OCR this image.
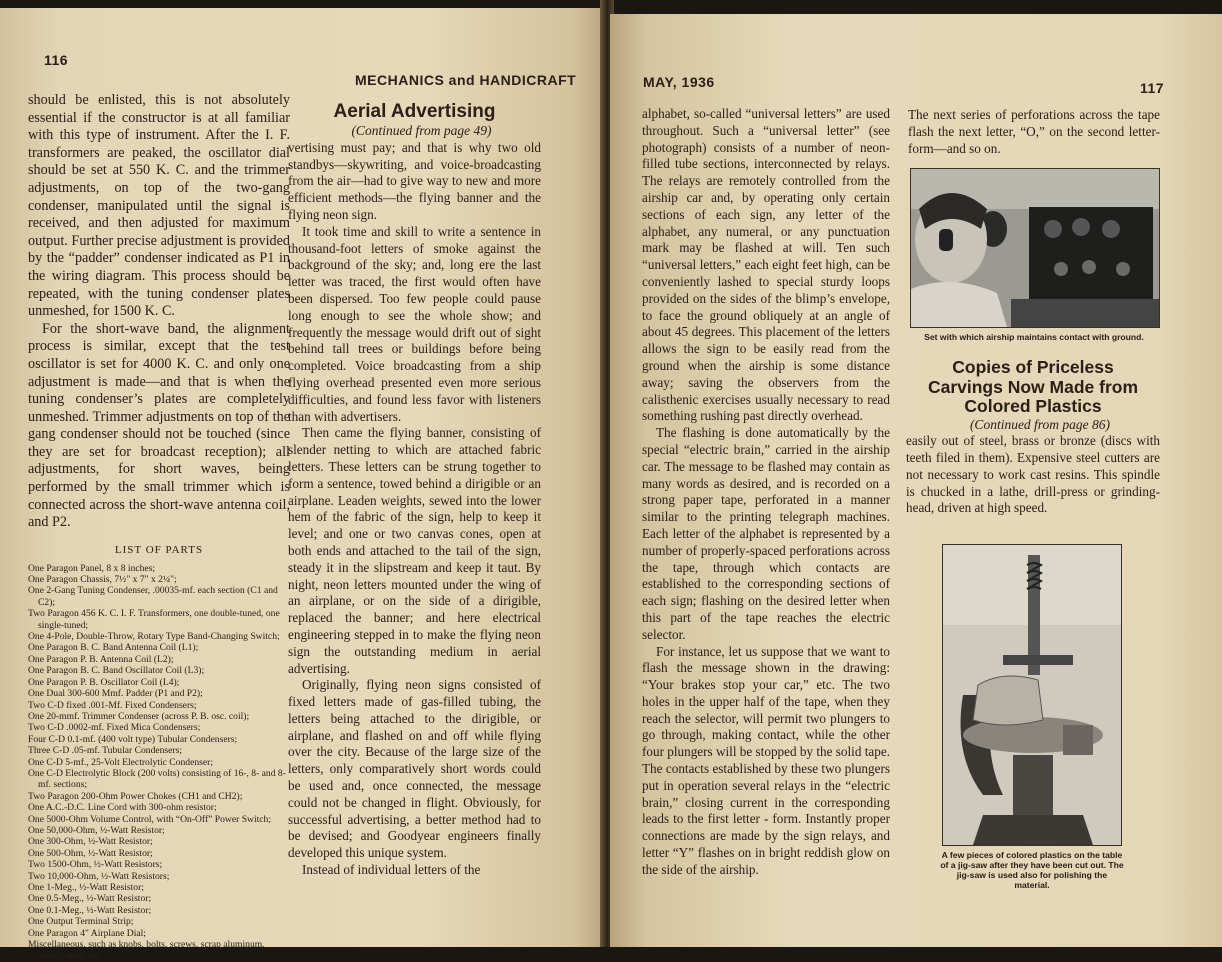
116
MECHANICS and HANDICRAFT

should be enlisted, this is not absolutely essential if the constructor is at all familiar with this type of instrument. After the I. F. transformers are peaked, the oscillator dial should be set at 550 K. C. and the trimmer adjustments, on top of the two-gang condenser, manipulated until the signal is received, and then adjusted for maximum output. Further precise adjustment is provided by the “padder” condenser indicated as P1 in the wiring diagram. This process should be repeated, with the tuning condenser plates unmeshed, for 1500 K. C.

For the short-wave band, the alignment process is similar, except that the test oscillator is set for 4000 K. C. and only one adjustment is made—and that is when the tuning condenser’s plates are completely unmeshed. Trimmer adjustments on top of the gang condenser should not be touched (since they are set for broadcast reception); all adjustments, for short waves, being performed by the small trimmer which is connected across the short-wave antenna coil, and P2.

LIST OF PARTS

One Paragon Panel, 8 x 8 inches;
One Paragon Chassis, 7½" x 7" x 2¼";
One 2-Gang Tuning Condenser, .00035-mf. each section (C1 and C2);
Two Paragon 456 K. C. I. F. Transformers, one double-tuned, one single-tuned;
One 4-Pole, Double-Throw, Rotary Type Band-Changing Switch;
One Paragon B. C. Band Antenna Coil (L1);
One Paragon P. B. Antenna Coil (L2);
One Paragon B. C. Band Oscillator Coil (L3);
One Paragon P. B. Oscillator Coil (L4);
One Dual 300-600 Mmf. Padder (P1 and P2);
Two C-D fixed .001-Mf. Fixed Condensers;
One 20-mmf. Trimmer Condenser (across P. B. osc. coil);
Two C-D .0002-mf. Fixed Mica Condensers;
Four C-D 0.1-mf. (400 volt type) Tubular Condensers;
Three C-D .05-mf. Tubular Condensers;
One C-D 5-mf., 25-Volt Electrolytic Condenser;
One C-D Electrolytic Block (200 volts) consisting of 16-, 8- and 8-mf. sections;
Two Paragon 200-Ohm Power Chokes (CH1 and CH2);
One A.C.-D.C. Line Cord with 300-ohm resistor;
One 5000-Ohm Volume Control, with “On-Off” Power Switch;
One 50,000-Ohm, ½-Watt Resistor;
One 300-Ohm, ½-Watt Resistor;
One 500-Ohm, ½-Watt Resistor;
Two 1500-Ohm, ½-Watt Resistors;
Two 10,000-Ohm, ½-Watt Resistors;
One 1-Meg., ½-Watt Resistor;
One 0.5-Meg., ½-Watt Resistor;
One 0.1-Meg., ½-Watt Resistor;
One Output Terminal Strip;
One Paragon 4" Airplane Dial;
Miscellaneous, such as knobs, bolts, screws, scrap aluminum, solder, ends, etc.
Aerial Advertising

(Continued from page 49)

vertising must pay; and that is why two old standbys—skywriting, and voice-broadcasting from the air—had to give way to new and more efficient methods—the flying banner and the flying neon sign.

It took time and skill to write a sentence in thousand-foot letters of smoke against the background of the sky; and, long ere the last letter was traced, the first would often have been dispersed. Too few people could pause long enough to see the whole show; and frequently the message would drift out of sight behind tall trees or buildings before being completed. Voice broadcasting from a ship flying overhead presented even more serious difficulties, and found less favor with listeners than with advertisers.

Then came the flying banner, consisting of slender netting to which are attached fabric letters. These letters can be strung together to form a sentence, towed behind a dirigible or an airplane. Leaden weights, sewed into the lower hem of the fabric of the sign, help to keep it level; and one or two canvas cones, open at both ends and attached to the tail of the sign, steady it in the slipstream and keep it taut. By night, neon letters mounted under the wing of an airplane, or on the side of a dirigible, replaced the banner; and here electrical engineering stepped in to make the flying neon sign the outstanding medium in aerial advertising.

Originally, flying neon signs consisted of fixed letters made of gas-filled tubing, the letters being attached to the dirigible, or airplane, and flashed on and off while flying over the city. Because of the large size of the letters, only comparatively short words could be used and, once connected, the message could not be changed in flight. Obviously, for successful advertising, a better method had to be devised; and Goodyear engineers finally developed this unique system.

Instead of individual letters of the

MAY, 1936	117

alphabet, so-called “universal letters” are used throughout. Such a “universal letter” (see photograph) consists of a number of neon-filled tube sections, interconnected by relays. The relays are remotely controlled from the airship car and, by operating only certain sections of each sign, any letter of the alphabet, any numeral, or any punctuation mark may be flashed at will. Ten such “universal letters,” each eight feet high, can be conveniently lashed to special sturdy loops provided on the sides of the blimp’s envelope, to face the ground obliquely at an angle of about 45 degrees. This placement of the letters allows the sign to be easily read from the ground when the airship is some distance away; saving the observers from the calisthenic exercises usually necessary to read something rushing past directly overhead.

The flashing is done automatically by the special “electric brain,” carried in the airship car. The message to be flashed may contain as many words as desired, and is recorded on a strong paper tape, perforated in a manner similar to the printing telegraph machines. Each letter of the alphabet is represented by a number of properly-spaced perforations across the tape, through which contacts are established to the corresponding sections of each sign; flashing on the desired letter when this part of the tape reaches the electric selector.

For instance, let us suppose that we want to flash the message shown in the drawing: “Your brakes stop your car,” etc. The two holes in the upper half of the tape, when they reach the selector, will permit two plungers to go through, making contact, while the other four plungers will be stopped by the solid tape. The contacts established by these two plungers put in operation several relays in the “electric brain,” closing current in the corresponding leads to the first letter - form. Instantly proper connections are made by the sign relays, and letter “Y” flashes on in bright reddish glow on the side of the airship.

The next series of perforations across the tape flash the next letter, “O,” on the second letter-form—and so on.

Set with which airship maintains contact with ground.
Copies of Priceless Carvings Now Made from Colored Plastics

(Continued from page 86)

easily out of steel, brass or bronze (discs with teeth filed in them). Expensive steel cutters are not necessary to work cast resins. This spindle is chucked in a lathe, drill-press or grinding-head, driven at high speed.

A few pieces of colored plastics on the table of a jig-saw after they have been cut out. The jig-saw is used also for polishing the material.
